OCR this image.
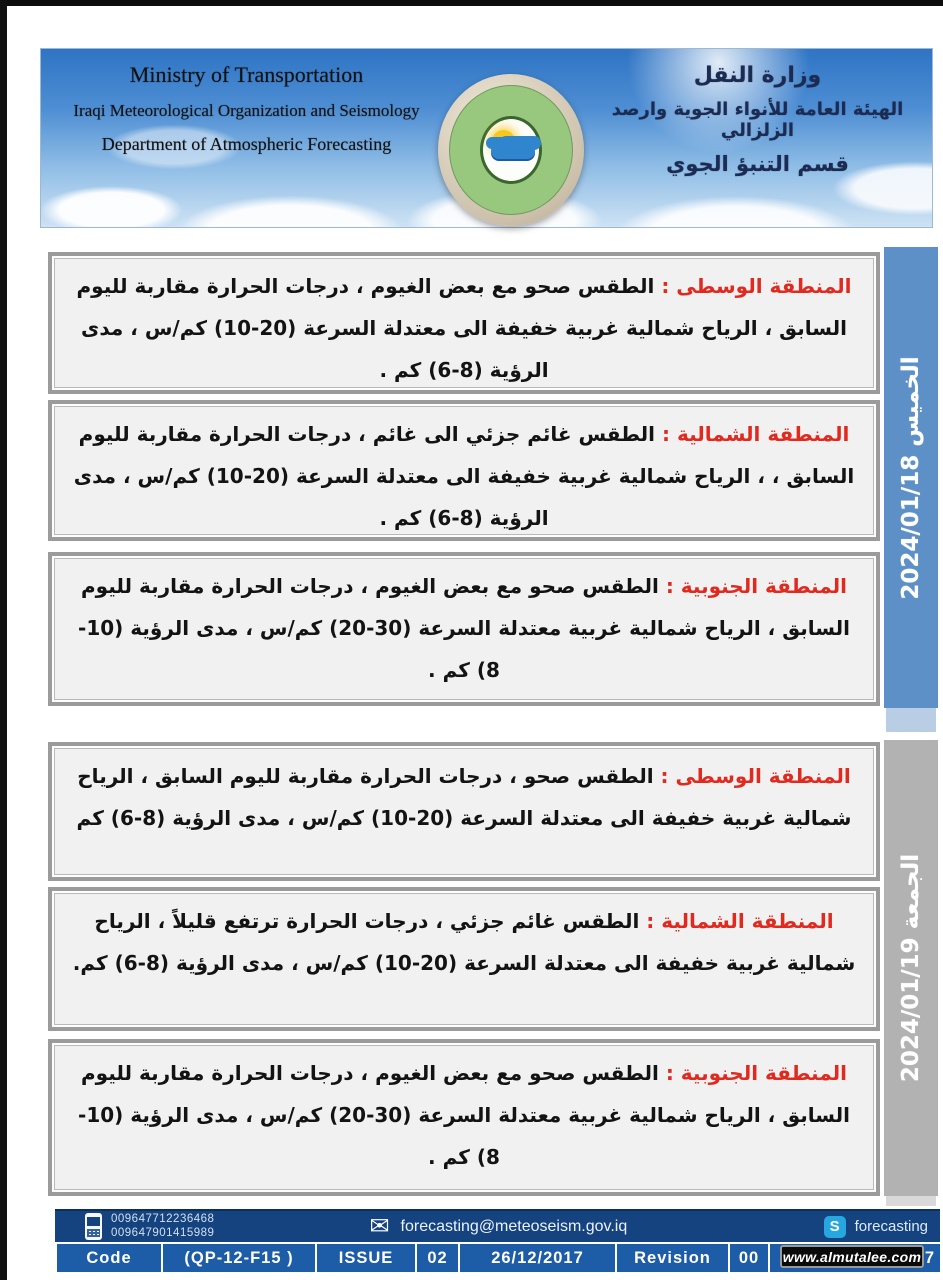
Ministry of Transportation

Iraqi Meteorological Organization and Seismology

Department of Atmospheric Forecasting

وزارة النقل

الهيئة العامة للأنواء الجوية وارصد الزلزالي

قسم التنبؤ الجوي

المنطقة الوسطى : الطقس صحو مع بعض الغيوم ، درجات الحرارة مقاربة لليوم السابق ، الرياح شمالية غربية خفيفة الى معتدلة السرعة (20-10) كم/س ، مدى الرؤية (8-6) كم .

المنطقة الشمالية : الطقس غائم جزئي الى غائم ، درجات الحرارة مقاربة لليوم السابق ، ، الرياح شمالية غربية خفيفة الى معتدلة السرعة (20-10) كم/س ، مدى الرؤية (8-6) كم .

المنطقة الجنوبية : الطقس صحو مع بعض الغيوم ، درجات الحرارة مقاربة لليوم السابق ، الرياح شمالية غربية معتدلة السرعة (30-20) كم/س ، مدى الرؤية (10-8) كم .

الخميس 2024/01/18

المنطقة الوسطى : الطقس صحو ، درجات الحرارة مقاربة لليوم السابق ، الرياح شمالية غربية خفيفة الى معتدلة السرعة (20-10) كم/س ، مدى الرؤية (8-6) كم

المنطقة الشمالية : الطقس غائم جزئي ، درجات الحرارة ترتفع قليلاً ، الرياح شمالية غربية خفيفة الى معتدلة السرعة (20-10) كم/س ، مدى الرؤية (8-6) كم.

المنطقة الجنوبية : الطقس صحو مع بعض الغيوم ، درجات الحرارة مقاربة لليوم السابق ، الرياح شمالية غربية معتدلة السرعة (30-20) كم/س ، مدى الرؤية (10-8) كم .

الجمعة 2024/01/19
009647712236468
009647901415989	✉ forecasting@meteoseism.gov.iq	S	forecasting
Code	(QP-12-F15 )	ISSUE	02	26/12/2017	Revision	00	7
www.almutalee.com
